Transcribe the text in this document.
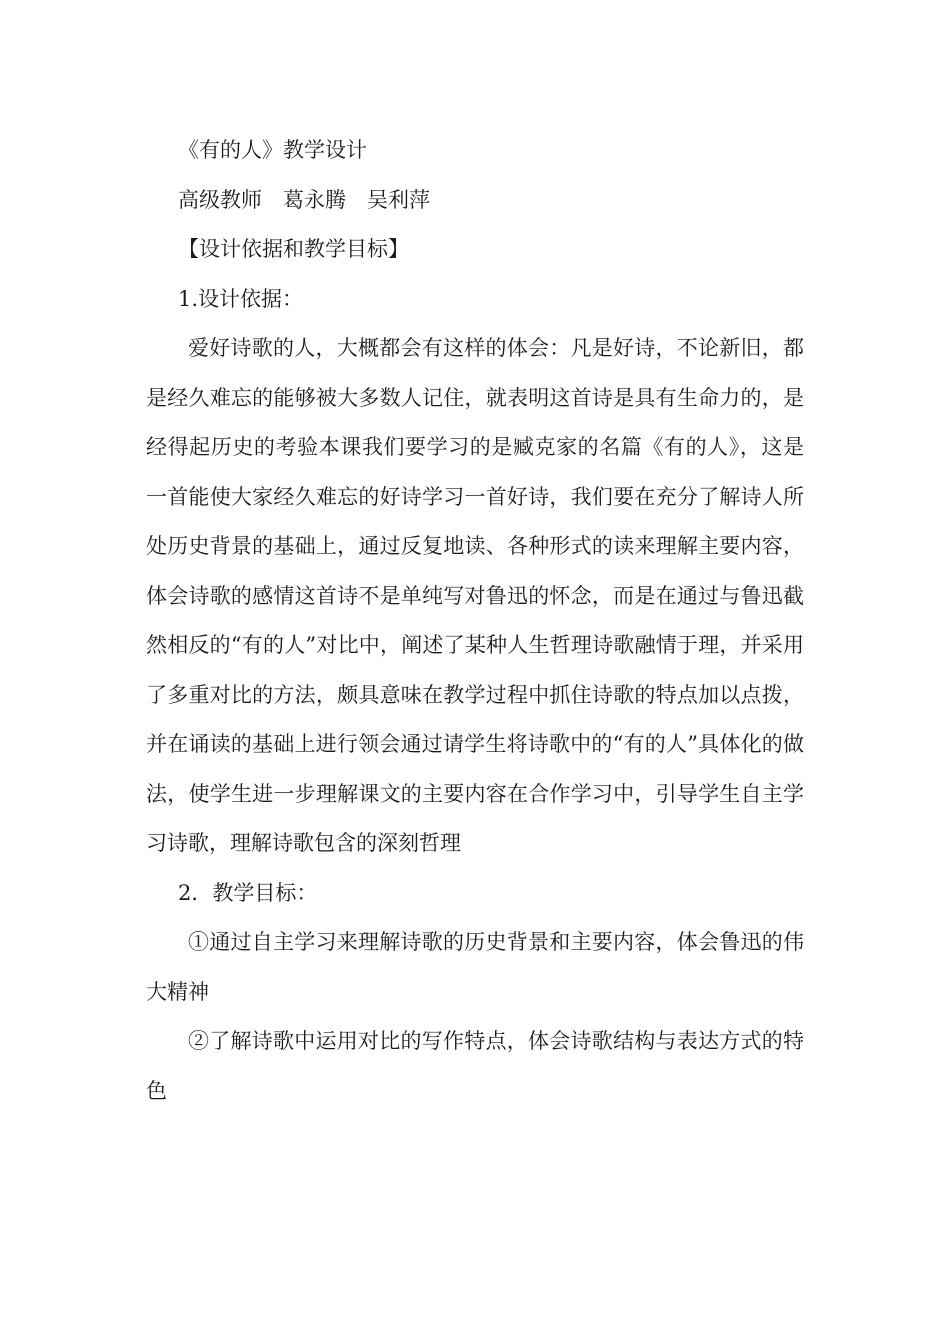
《有的人》教学设计
高级教师　葛永腾　吴利萍
【设计依据和教学目标】
1.设计依据：

爱好诗歌的人，大概都会有这样的体会：凡是好诗，不论新旧，都是经久难忘的能够被大多数人记住，就表明这首诗是具有生命力的，是经得起历史的考验本课我们要学习的是臧克家的名篇《有的人》，这是一首能使大家经久难忘的好诗学习一首好诗，我们要在充分了解诗人所处历史背景的基础上，通过反复地读、各种形式的读来理解主要内容，体会诗歌的感情这首诗不是单纯写对鲁迅的怀念，而是在通过与鲁迅截然相反的“有的人”对比中，阐述了某种人生哲理诗歌融情于理，并采用了多重对比的方法，颇具意味在教学过程中抓住诗歌的特点加以点拨，并在诵读的基础上进行领会通过请学生将诗歌中的“有的人”具体化的做法，使学生进一步理解课文的主要内容在合作学习中，引导学生自主学习诗歌，理解诗歌包含的深刻哲理

2．教学目标：

①通过自主学习来理解诗歌的历史背景和主要内容，体会鲁迅的伟大精神

②了解诗歌中运用对比的写作特点，体会诗歌结构与表达方式的特色
